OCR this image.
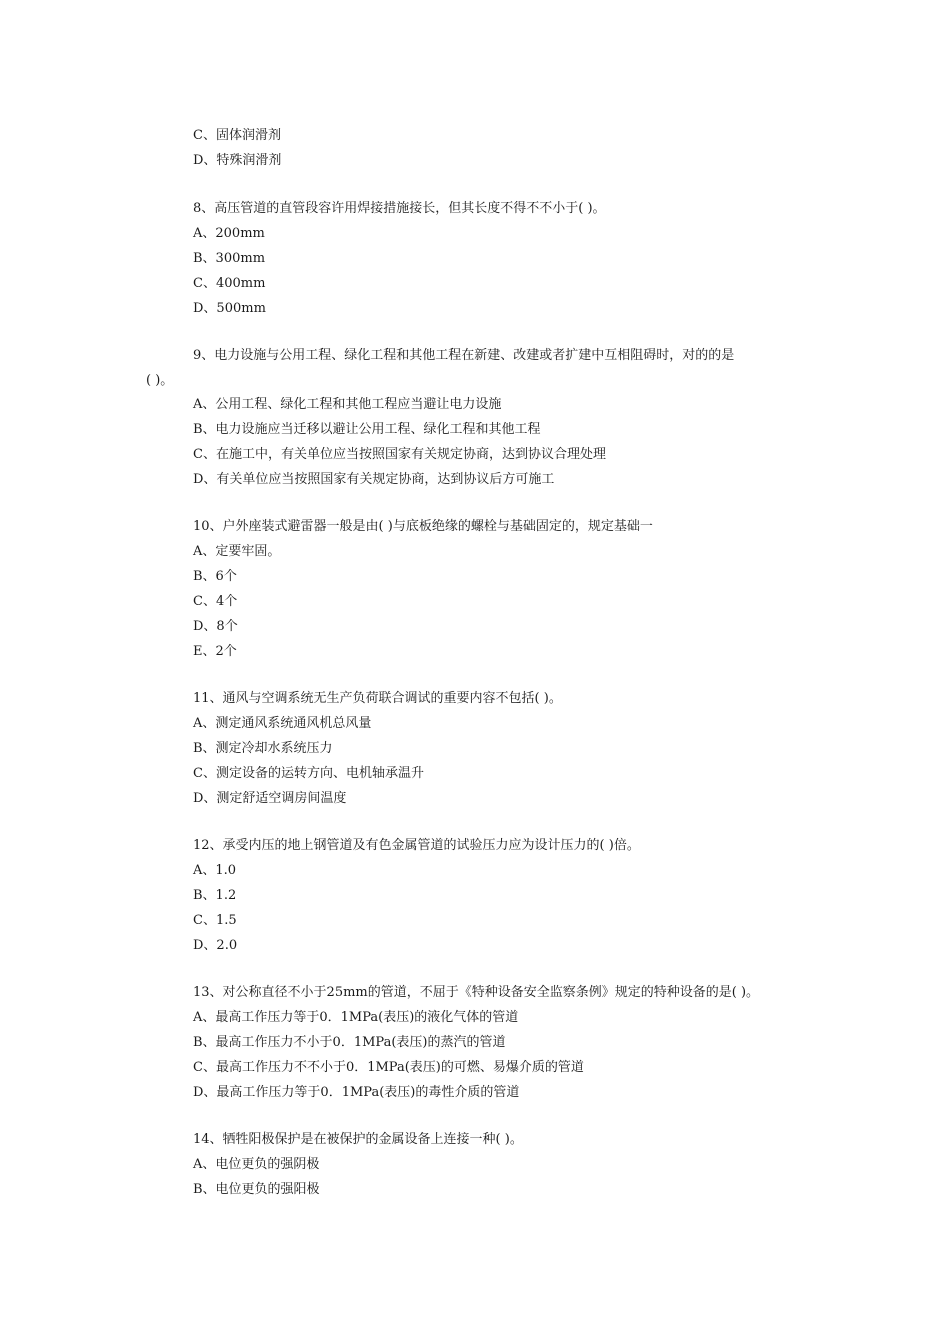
C、固体润滑剂
D、特殊润滑剂
8、高压管道的直管段容许用焊接措施接长，但其长度不得不不小于( )。
A、200mm
B、300mm
C、400mm
D、500mm
9、电力设施与公用工程、绿化工程和其他工程在新建、改建或者扩建中互相阻碍时，对的的是
( )。
A、公用工程、绿化工程和其他工程应当避让电力设施
B、电力设施应当迁移以避让公用工程、绿化工程和其他工程
C、在施工中，有关单位应当按照国家有关规定协商，达到协议合理处理
D、有关单位应当按照国家有关规定协商，达到协议后方可施工
10、户外座装式避雷器一般是由( )与底板绝缘的螺栓与基础固定的，规定基础一
A、定要牢固。
B、6个
C、4个
D、8个
E、2个
11、通风与空调系统无生产负荷联合调试的重要内容不包括( )。
A、测定通风系统通风机总风量
B、测定冷却水系统压力
C、测定设备的运转方向、电机轴承温升
D、测定舒适空调房间温度
12、承受内压的地上钢管道及有色金属管道的试验压力应为设计压力的( )倍。
A、1.0
B、1.2
C、1.5
D、2.0
13、对公称直径不小于25mm的管道，不屈于《特种设备安全监察条例》规定的特种设备的是( )。
A、最高工作压力等于0．1MPa(表压)的液化气体的管道
B、最高工作压力不小于0．1MPa(表压)的蒸汽的管道
C、最高工作压力不不小于0．1MPa(表压)的可燃、易爆介质的管道
D、最高工作压力等于0．1MPa(表压)的毒性介质的管道
14、牺牲阳极保护是在被保护的金属设备上连接一种( )。
A、电位更负的强阴极
B、电位更负的强阳极
